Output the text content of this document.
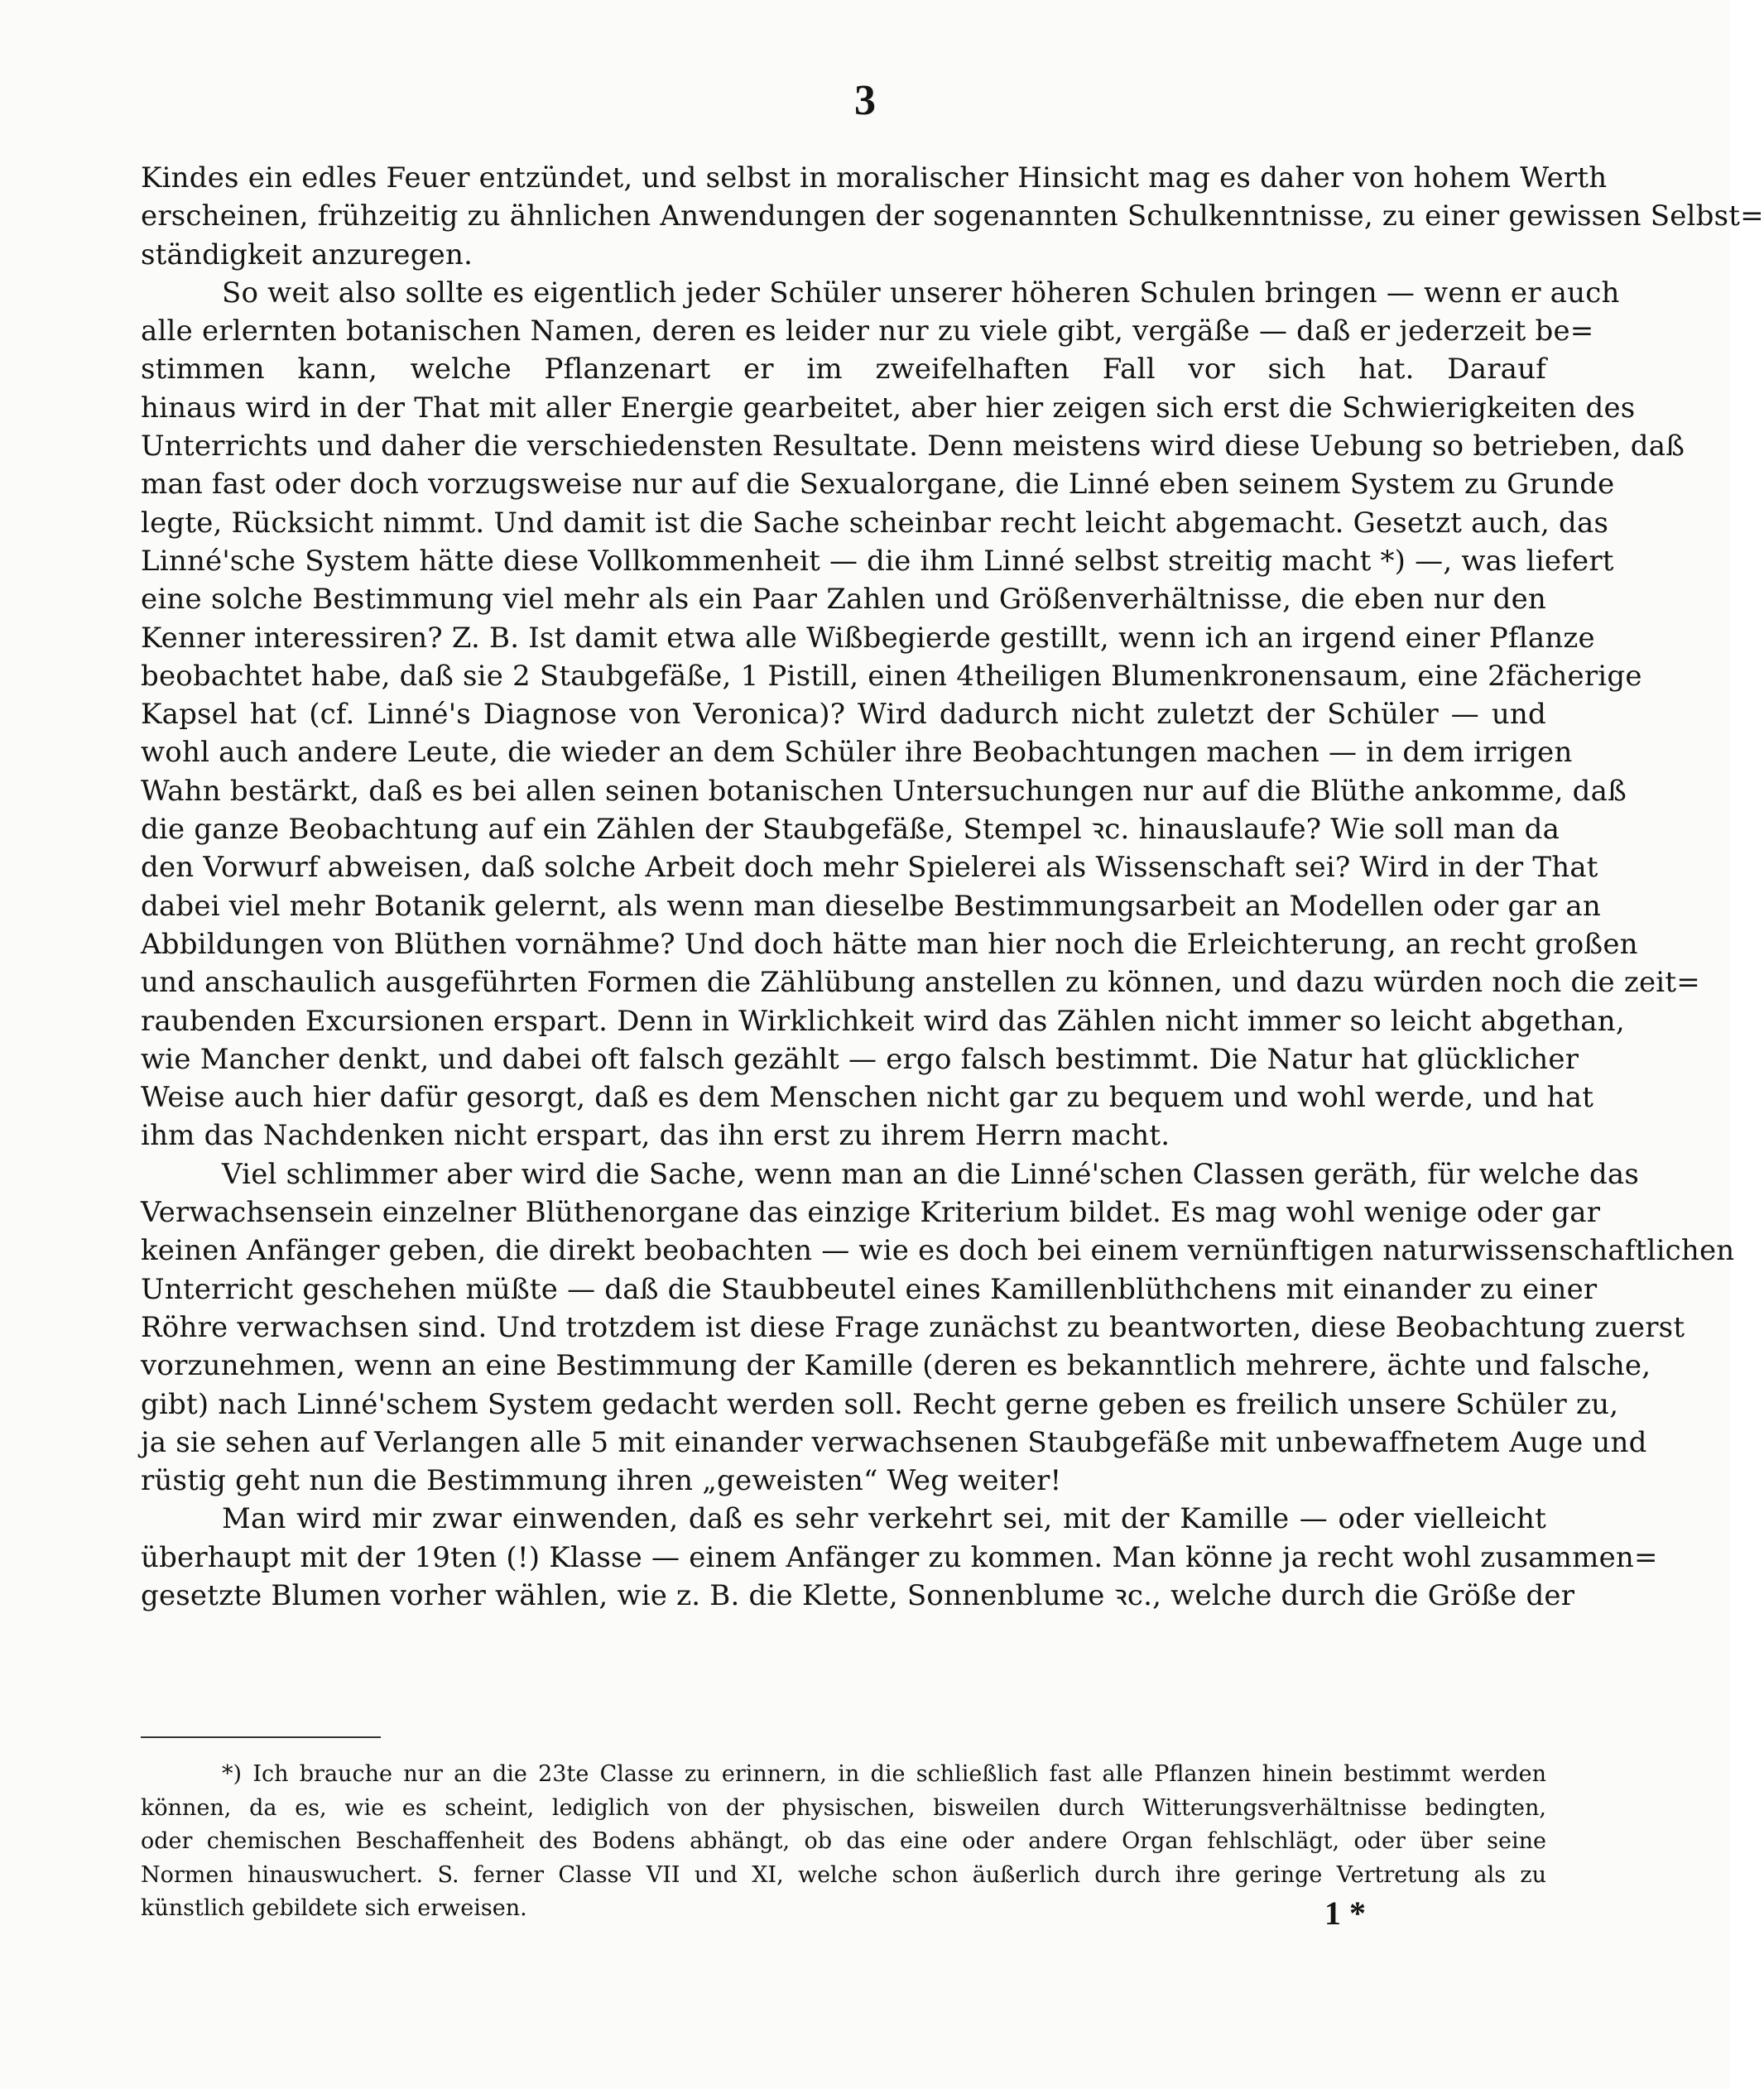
3
Kindes ein edles Feuer entzündet, und selbst in moralischer Hinsicht mag es daher von hohem Werth
erscheinen, frühzeitig zu ähnlichen Anwendungen der sogenannten Schulkenntnisse, zu einer gewissen Selbst=
ständigkeit anzuregen.
So weit also sollte es eigentlich jeder Schüler unserer höheren Schulen bringen — wenn er auch
alle erlernten botanischen Namen, deren es leider nur zu viele gibt, vergäße — daß er jederzeit be=
stimmen kann, welche Pflanzenart er im zweifelhaften Fall vor sich hat. Darauf
hinaus wird in der That mit aller Energie gearbeitet, aber hier zeigen sich erst die Schwierigkeiten des
Unterrichts und daher die verschiedensten Resultate. Denn meistens wird diese Uebung so betrieben, daß
man fast oder doch vorzugsweise nur auf die Sexualorgane, die Linné eben seinem System zu Grunde
legte, Rücksicht nimmt. Und damit ist die Sache scheinbar recht leicht abgemacht. Gesetzt auch, das
Linné'sche System hätte diese Vollkommenheit — die ihm Linné selbst streitig macht *) —, was liefert
eine solche Bestimmung viel mehr als ein Paar Zahlen und Größenverhältnisse, die eben nur den
Kenner interessiren? Z. B. Ist damit etwa alle Wißbegierde gestillt, wenn ich an irgend einer Pflanze
beobachtet habe, daß sie 2 Staubgefäße, 1 Pistill, einen 4theiligen Blumenkronensaum, eine 2fächerige
Kapsel hat (cf. Linné's Diagnose von Veronica)? Wird dadurch nicht zuletzt der Schüler — und
wohl auch andere Leute, die wieder an dem Schüler ihre Beobachtungen machen — in dem irrigen
Wahn bestärkt, daß es bei allen seinen botanischen Untersuchungen nur auf die Blüthe ankomme, daß
die ganze Beobachtung auf ein Zählen der Staubgefäße, Stempel ꝛc. hinauslaufe? Wie soll man da
den Vorwurf abweisen, daß solche Arbeit doch mehr Spielerei als Wissenschaft sei? Wird in der That
dabei viel mehr Botanik gelernt, als wenn man dieselbe Bestimmungsarbeit an Modellen oder gar an
Abbildungen von Blüthen vornähme? Und doch hätte man hier noch die Erleichterung, an recht großen
und anschaulich ausgeführten Formen die Zählübung anstellen zu können, und dazu würden noch die zeit=
raubenden Excursionen erspart. Denn in Wirklichkeit wird das Zählen nicht immer so leicht abgethan,
wie Mancher denkt, und dabei oft falsch gezählt — ergo falsch bestimmt. Die Natur hat glücklicher
Weise auch hier dafür gesorgt, daß es dem Menschen nicht gar zu bequem und wohl werde, und hat
ihm das Nachdenken nicht erspart, das ihn erst zu ihrem Herrn macht.
Viel schlimmer aber wird die Sache, wenn man an die Linné'schen Classen geräth, für welche das
Verwachsensein einzelner Blüthenorgane das einzige Kriterium bildet. Es mag wohl wenige oder gar
keinen Anfänger geben, die direkt beobachten — wie es doch bei einem vernünftigen naturwissenschaftlichen
Unterricht geschehen müßte — daß die Staubbeutel eines Kamillenblüthchens mit einander zu einer
Röhre verwachsen sind. Und trotzdem ist diese Frage zunächst zu beantworten, diese Beobachtung zuerst
vorzunehmen, wenn an eine Bestimmung der Kamille (deren es bekanntlich mehrere, ächte und falsche,
gibt) nach Linné'schem System gedacht werden soll. Recht gerne geben es freilich unsere Schüler zu,
ja sie sehen auf Verlangen alle 5 mit einander verwachsenen Staubgefäße mit unbewaffnetem Auge und
rüstig geht nun die Bestimmung ihren „geweisten“ Weg weiter!
Man wird mir zwar einwenden, daß es sehr verkehrt sei, mit der Kamille — oder vielleicht
überhaupt mit der 19ten (!) Klasse — einem Anfänger zu kommen. Man könne ja recht wohl zusammen=
gesetzte Blumen vorher wählen, wie z. B. die Klette, Sonnenblume ꝛc., welche durch die Größe der
*) Ich brauche nur an die 23te Classe zu erinnern, in die schließlich fast alle Pflanzen hinein bestimmt werden
können, da es, wie es scheint, lediglich von der physischen, bisweilen durch Witterungsverhältnisse bedingten,
oder chemischen Beschaffenheit des Bodens abhängt, ob das eine oder andere Organ fehlschlägt, oder über seine
Normen hinauswuchert. S. ferner Classe VII und XI, welche schon äußerlich durch ihre geringe Vertretung als zu
künstlich gebildete sich erweisen.	1 *
